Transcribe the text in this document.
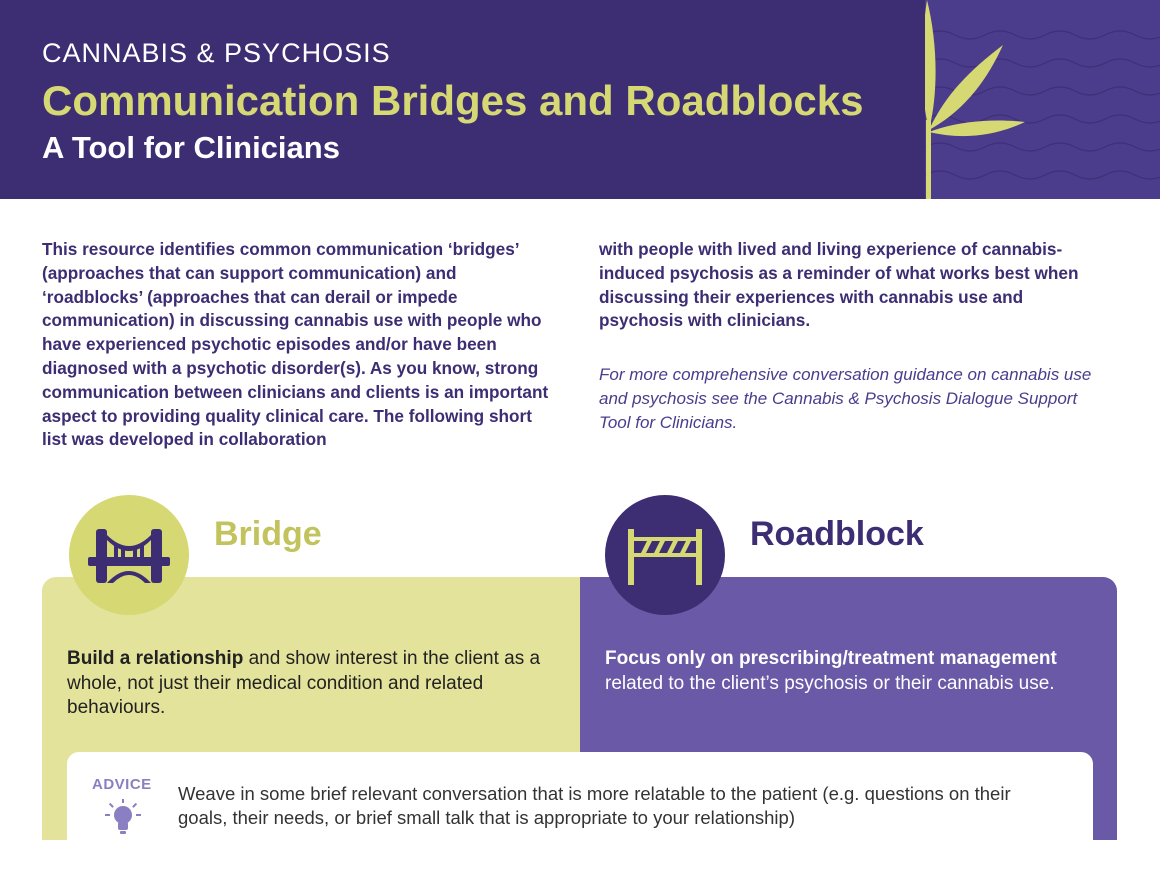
CANNABIS & PSYCHOSIS
Communication Bridges and Roadblocks
A Tool for Clinicians
This resource identifies common communication ‘bridges’ (approaches that can support communication) and ‘roadblocks’ (approaches that can derail or impede communication) in discussing cannabis use with people who have experienced psychotic episodes and/or have been diagnosed with a psychotic disorder(s). As you know, strong communication between clinicians and clients is an important aspect to providing quality clinical care. The following short list was developed in collaboration
with people with lived and living experience of cannabis-induced psychosis as a reminder of what works best when discussing their experiences with cannabis use and psychosis with clinicians.
For more comprehensive conversation guidance on cannabis use and psychosis see the Cannabis & Psychosis Dialogue Support Tool for Clinicians.
Bridge	Roadblock
Build a relationship and show interest in the client as a whole, not just their medical condition and related behaviours.
Focus only on prescribing/treatment management related to the client’s psychosis or their cannabis use.
ADVICE Weave in some brief relevant conversation that is more relatable to the patient (e.g. questions on their goals, their needs, or brief small talk that is appropriate to your relationship)
